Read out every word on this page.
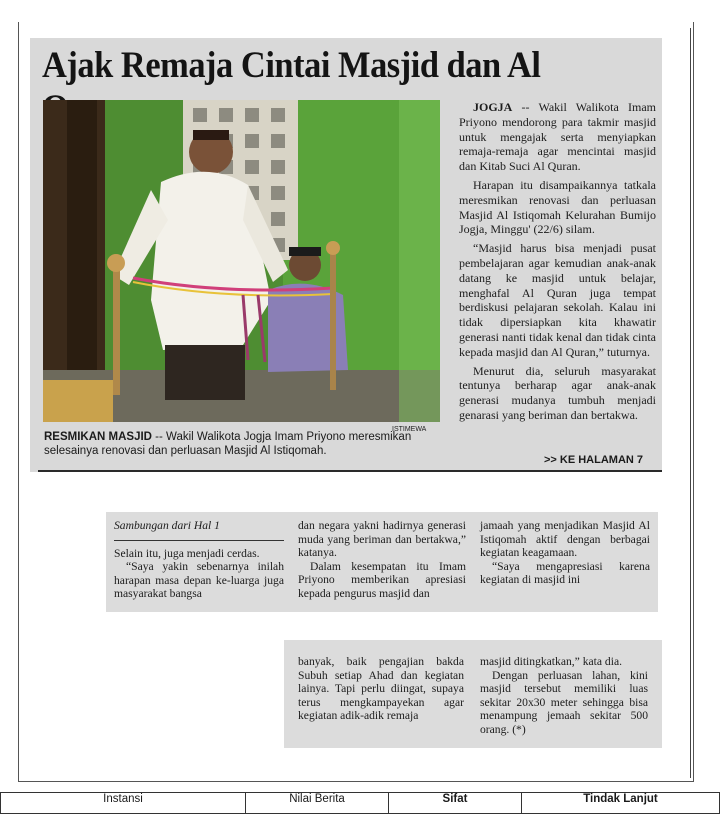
Ajak Remaja Cintai Masjid dan Al
ISTIMEWA
RESMIKAN MASJID -- Wakil Walikota Jogja Imam Priyono meresmikan selesainya renovasi dan perluasan Masjid Al Istiqomah.

JOGJA -- Wakil Walikota Imam Priyono mendorong para takmir masjid untuk mengajak serta menyiapkan remaja-remaja agar mencintai masjid dan Kitab Suci Al Quran.

Harapan itu disampaikannya tatkala meresmikan renovasi dan perluasan Masjid Al Istiqomah Kelurahan Bumijo Jogja, Minggu' (22/6) silam.

“Masjid harus bisa menjadi pusat pembelajaran agar kemudian anak-anak datang ke masjid untuk belajar, menghafal Al Quran juga tempat berdiskusi pelajaran sekolah. Kalau ini tidak dipersiapkan kita khawatir generasi nanti tidak kenal dan tidak cinta kepada masjid dan Al Quran,” tuturnya.

Menurut dia, seluruh masyarakat tentunya berharap agar anak-anak generasi mudanya tumbuh menjadi genarasi yang beriman dan bertakwa.

>> KE HALAMAN 7

Sambungan dari Hal 1

Selain itu, juga menjadi cerdas.

“Saya yakin sebenarnya inilah harapan masa depan ke-luarga juga masyarakat bangsa

dan negara yakni hadirnya generasi muda yang beriman dan bertakwa,” katanya.

Dalam kesempatan itu Imam Priyono memberikan apresiasi kepada pengurus masjid dan

jamaah yang menjadikan Masjid Al Istiqomah aktif dengan berbagai kegiatan keagamaan.

“Saya mengapresiasi karena kegiatan di masjid ini

banyak, baik pengajian bakda Subuh setiap Ahad dan kegiatan lainya. Tapi perlu diingat, supaya terus mengkampayekan agar kegiatan adik-adik remaja

masjid ditingkatkan,” kata dia.

Dengan perluasan lahan, kini masjid tersebut memiliki luas sekitar 20x30 meter sehingga bisa menampung jemaah sekitar 500 orang. (*)

Instansi	Nilai Berita	Sifat	Tindak Lanjut
